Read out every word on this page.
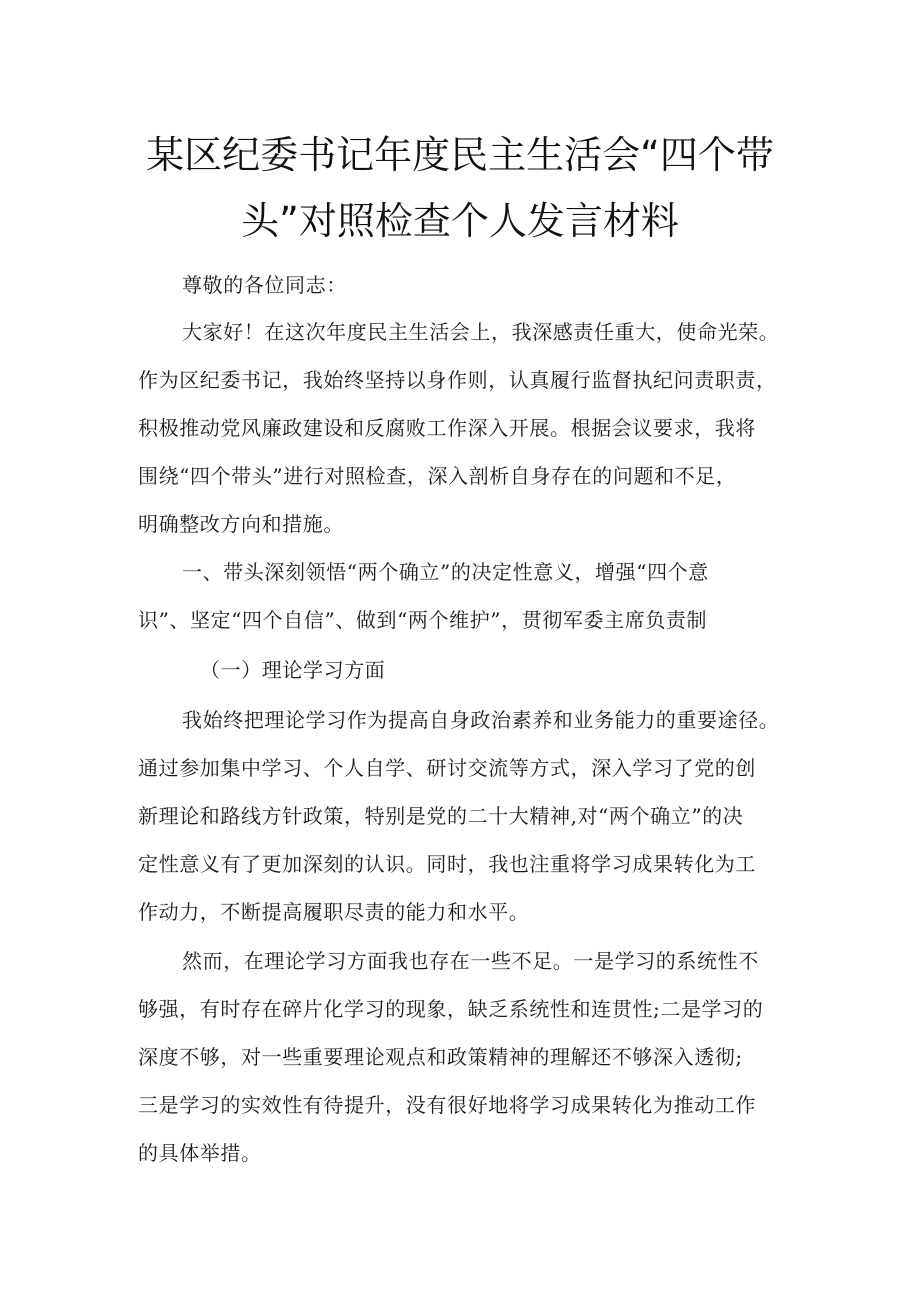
某区纪委书记年度民主生活会“四个带
头”对照检查个人发言材料
尊敬的各位同志：
大家好！在这次年度民主生活会上，我深感责任重大，使命光荣。
作为区纪委书记，我始终坚持以身作则，认真履行监督执纪问责职责，
积极推动党风廉政建设和反腐败工作深入开展。根据会议要求，我将
围绕“四个带头”进行对照检查，深入剖析自身存在的问题和不足，
明确整改方向和措施。
一、带头深刻领悟“两个确立”的决定性意义，增强“四个意
识”、坚定“四个自信”、做到“两个维护”，贯彻军委主席负责制
（一）理论学习方面
我始终把理论学习作为提高自身政治素养和业务能力的重要途径。
通过参加集中学习、个人自学、研讨交流等方式，深入学习了党的创
新理论和路线方针政策，特别是党的二十大精神,对“两个确立”的决
定性意义有了更加深刻的认识。同时，我也注重将学习成果转化为工
作动力，不断提高履职尽责的能力和水平。
然而，在理论学习方面我也存在一些不足。一是学习的系统性不
够强，有时存在碎片化学习的现象，缺乏系统性和连贯性;二是学习的
深度不够，对一些重要理论观点和政策精神的理解还不够深入透彻;
三是学习的实效性有待提升，没有很好地将学习成果转化为推动工作
的具体举措。
